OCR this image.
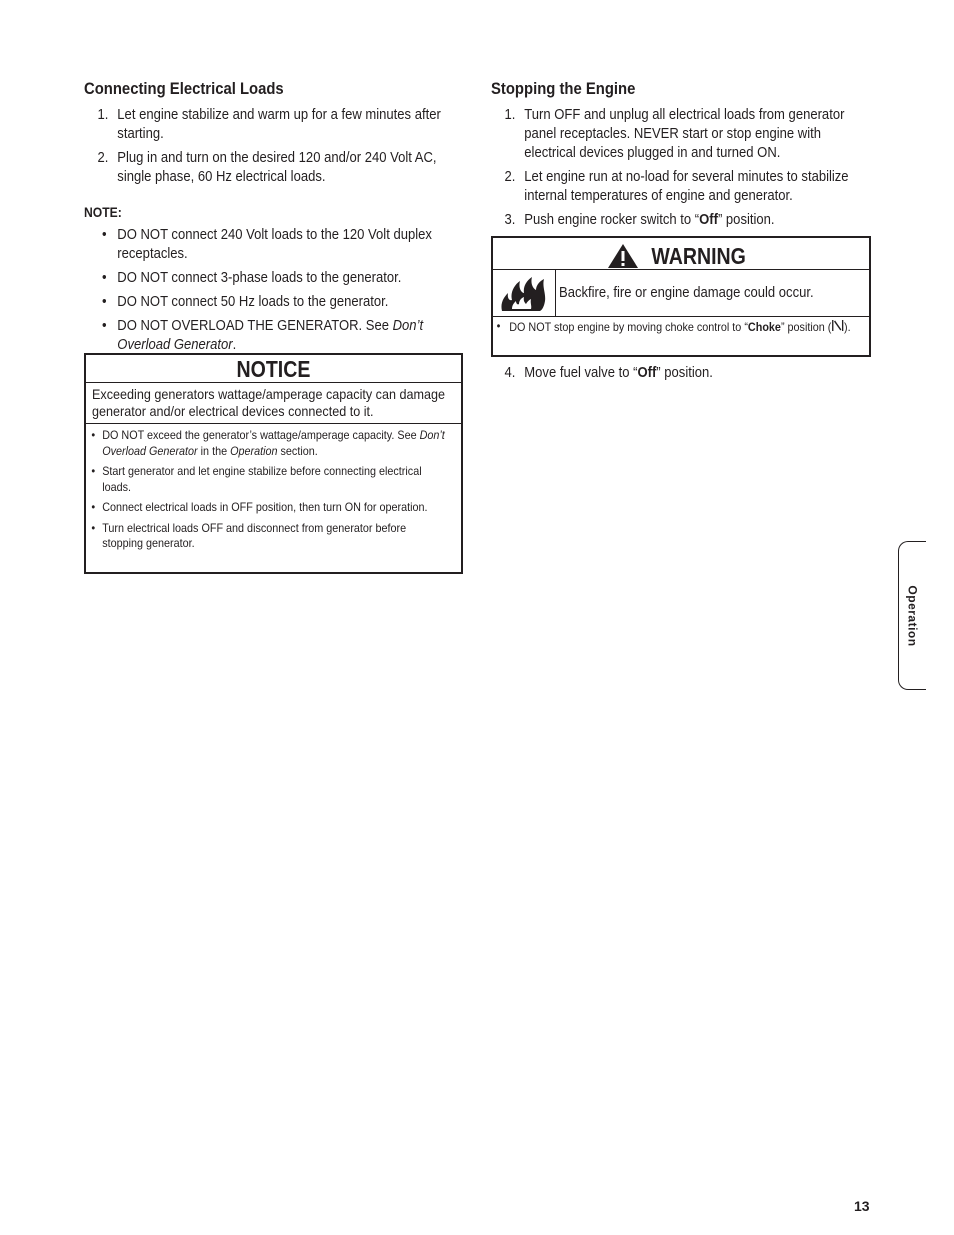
Connecting Electrical Loads
1. Let engine stabilize and warm up for a few minutes after starting.
2. Plug in and turn on the desired 120 and/or 240 Volt AC, single phase, 60 Hz electrical loads.
NOTE:
• DO NOT connect 240 Volt loads to the 120 Volt duplex receptacles.
• DO NOT connect 3-phase loads to the generator.
• DO NOT connect 50 Hz loads to the generator.
• DO NOT OVERLOAD THE GENERATOR. See Don’t Overload Generator.
NOTICE
Exceeding generators wattage/amperage capacity can damage generator and/or electrical devices connected to it.
• DO NOT exceed the generator’s wattage/amperage capacity. See Don’t Overload Generator in the Operation section.
• Start generator and let engine stabilize before connecting electrical loads.
• Connect electrical loads in OFF position, then turn ON for operation.
• Turn electrical loads OFF and disconnect from generator before stopping generator.
Stopping the Engine
1. Turn OFF and unplug all electrical loads from generator panel receptacles. NEVER start or stop engine with electrical devices plugged in and turned ON.
2. Let engine run at no-load for several minutes to stabilize internal temperatures of engine and generator.
3. Push engine rocker switch to “Off” position.
WARNING
Backfire, fire or engine damage could occur.
• DO NOT stop engine by moving choke control to “Choke” position ( ).
4. Move fuel valve to “Off” position.
Operation
13
